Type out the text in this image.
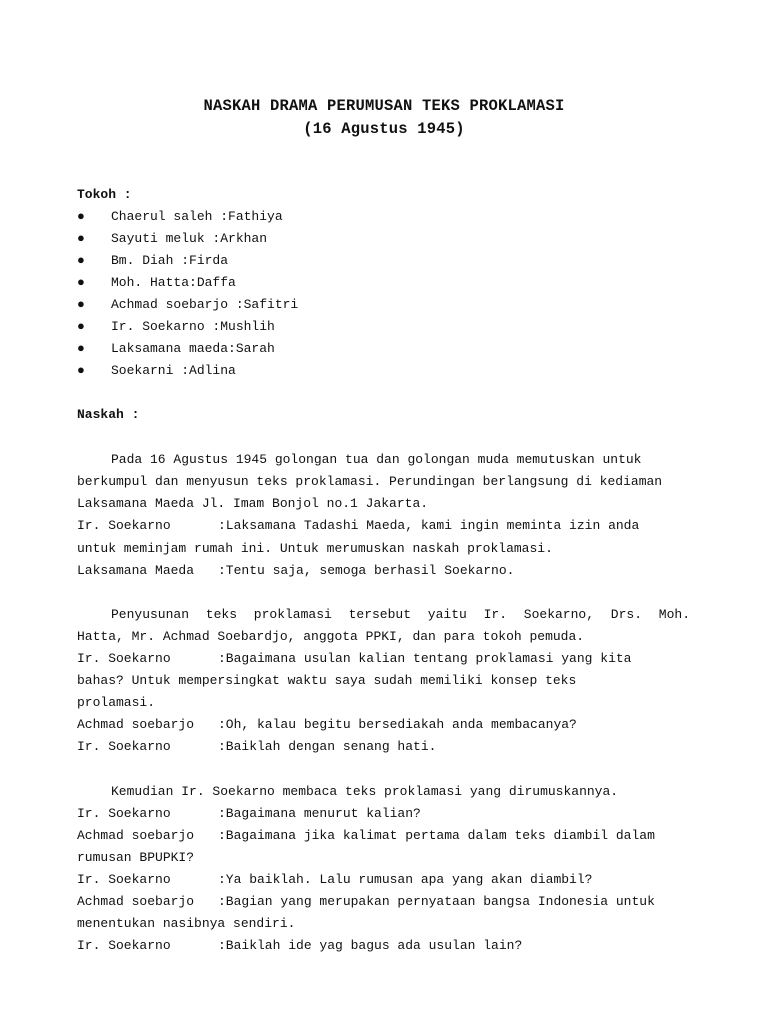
NASKAH DRAMA PERUMUSAN TEKS PROKLAMASI
(16 Agustus 1945)
Tokoh :
● Chaerul saleh :Fathiya
● Sayuti meluk :Arkhan
● Bm. Diah :Firda
● Moh. Hatta:Daffa
● Achmad soebarjo :Safitri
● Ir. Soekarno :Mushlih
● Laksamana maeda:Sarah
● Soekarni :Adlina
Naskah :
Pada 16 Agustus 1945 golongan tua dan golongan muda memutuskan untuk
berkumpul dan menyusun teks proklamasi. Perundingan berlangsung di kediaman
Laksamana Maeda Jl. Imam Bonjol no.1 Jakarta.
Ir. Soekarno	:Laksamana Tadashi Maeda, kami ingin meminta izin anda
untuk meminjam rumah ini. Untuk merumuskan naskah proklamasi.
Laksamana Maeda :Tentu saja, semoga berhasil Soekarno.
Penyusunan teks proklamasi tersebut yaitu Ir. Soekarno, Drs. Moh.
Hatta, Mr. Achmad Soebardjo, anggota PPKI, dan para tokoh pemuda.
Ir. Soekarno	:Bagaimana usulan kalian tentang proklamasi yang kita
bahas? Untuk mempersingkat waktu saya sudah memiliki konsep teks
prolamasi.
Achmad soebarjo :Oh, kalau begitu bersediakah anda membacanya?
Ir. Soekarno	:Baiklah dengan senang hati.
Kemudian Ir. Soekarno membaca teks proklamasi yang dirumuskannya.
Ir. Soekarno	:Bagaimana menurut kalian?
Achmad soebarjo :Bagaimana jika kalimat pertama dalam teks diambil dalam
rumusan BPUPKI?
Ir. Soekarno	:Ya baiklah. Lalu rumusan apa yang akan diambil?
Achmad soebarjo :Bagian yang merupakan pernyataan bangsa Indonesia untuk
menentukan nasibnya sendiri.
Ir. Soekarno	:Baiklah ide yag bagus ada usulan lain?
